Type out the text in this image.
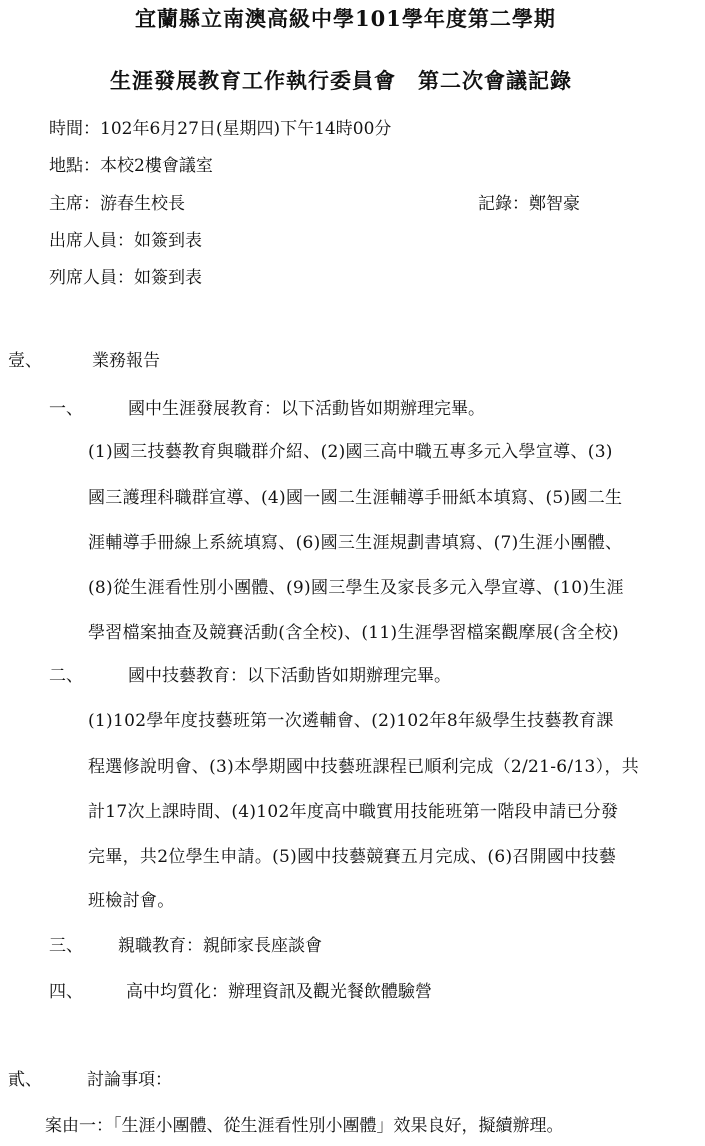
宜蘭縣立南澳高級中學101學年度第二學期
生涯發展教育工作執行委員會　第二次會議記錄
時間：102年6月27日(星期四)下午14時00分
地點：本校2樓會議室
主席：游春生校長	記錄：鄭智豪
出席人員：如簽到表
列席人員：如簽到表
壹、	業務報告
一、	國中生涯發展教育：以下活動皆如期辦理完畢。
(1)國三技藝教育與職群介紹、(2)國三高中職五專多元入學宣導、(3)
國三護理科職群宣導、(4)國一國二生涯輔導手冊紙本填寫、(5)國二生
涯輔導手冊線上系統填寫、(6)國三生涯規劃書填寫、(7)生涯小團體、
(8)從生涯看性別小團體、(9)國三學生及家長多元入學宣導、(10)生涯
學習檔案抽查及競賽活動(含全校)、(11)生涯學習檔案觀摩展(含全校)
二、	國中技藝教育：以下活動皆如期辦理完畢。
(1)102學年度技藝班第一次遴輔會、(2)102年8年級學生技藝教育課
程選修說明會、(3)本學期國中技藝班課程已順利完成（2/21-6/13），共
計17次上課時間、(4)102年度高中職實用技能班第一階段申請已分發
完畢，共2位學生申請。(5)國中技藝競賽五月完成、(6)召開國中技藝
班檢討會。
三、 親職教育：親師家長座談會
四、	高中均質化：辦理資訊及觀光餐飲體驗營
貳、	討論事項：
案由一：「生涯小團體、從生涯看性別小團體」效果良好，擬續辦理。
